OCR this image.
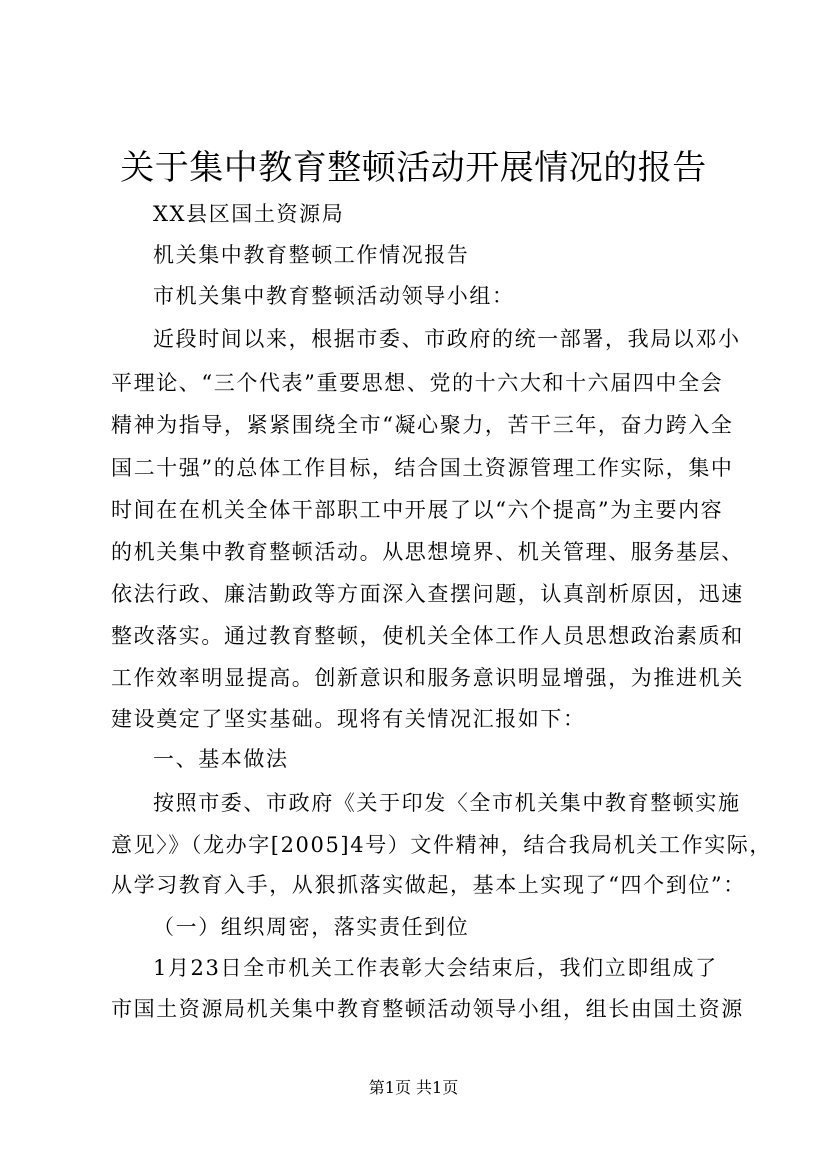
关于集中教育整顿活动开展情况的报告
XX县区国土资源局
机关集中教育整顿工作情况报告
市机关集中教育整顿活动领导小组：
近段时间以来，根据市委、市政府的统一部署，我局以邓小
平理论、“三个代表”重要思想、党的十六大和十六届四中全会
精神为指导，紧紧围绕全市“凝心聚力，苦干三年，奋力跨入全
国二十强”的总体工作目标，结合国土资源管理工作实际，集中
时间在在机关全体干部职工中开展了以“六个提高”为主要内容
的机关集中教育整顿活动。从思想境界、机关管理、服务基层、
依法行政、廉洁勤政等方面深入查摆问题，认真剖析原因，迅速
整改落实。通过教育整顿，使机关全体工作人员思想政治素质和
工作效率明显提高。创新意识和服务意识明显增强，为推进机关
建设奠定了坚实基础。现将有关情况汇报如下：
一、基本做法
按照市委、市政府《关于印发〈全市机关集中教育整顿实施
意见〉》（龙办字[2005]4号）文件精神，结合我局机关工作实际，
从学习教育入手，从狠抓落实做起，基本上实现了“四个到位”：
（一）组织周密，落实责任到位
1月23日全市机关工作表彰大会结束后，我们立即组成了
市国土资源局机关集中教育整顿活动领导小组，组长由国土资源
第1页 共1页
